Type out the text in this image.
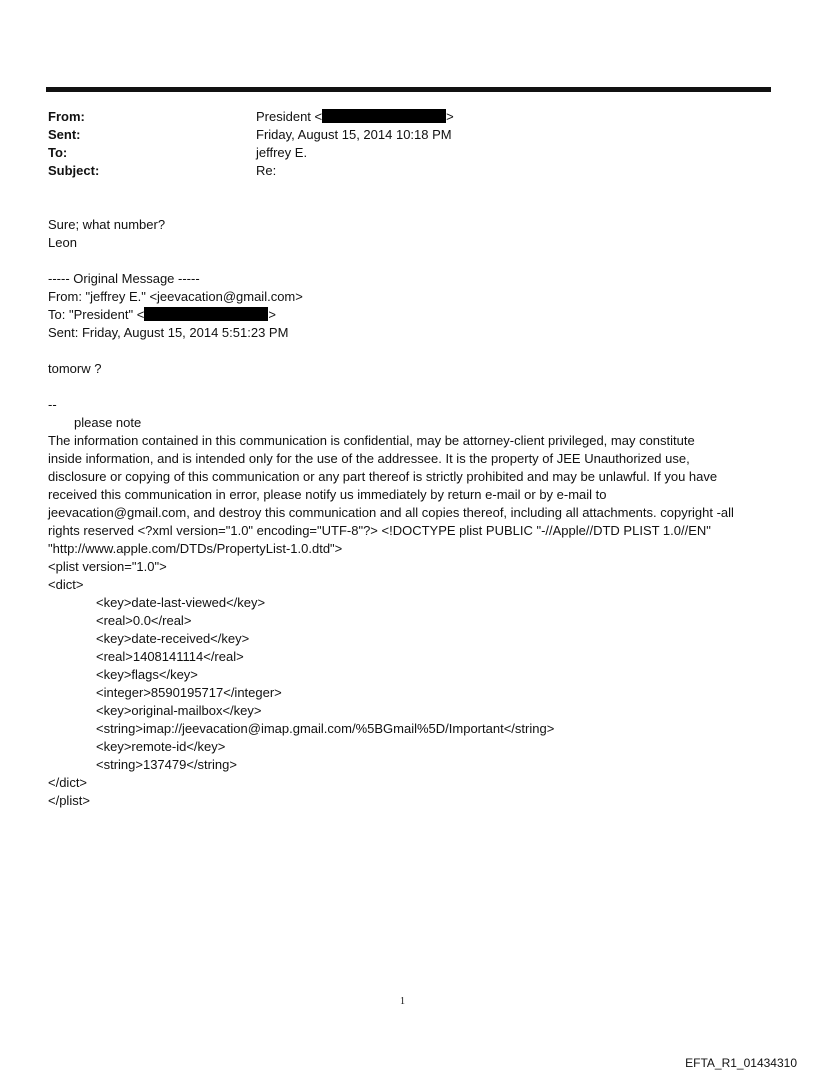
From:	President <	>
Sent:	Friday, August 15, 2014 10:18 PM
To:	jeffrey E.
Subject:	Re:
Sure; what number?
Leon
----- Original Message -----
From: "jeffrey E." <jeevacation@gmail.com>
To: "President" <	>
Sent: Friday, August 15, 2014 5:51:23 PM
tomorw ?
--
please note
The information contained in this communication is confidential, may be attorney-client privileged, may constitute
inside information, and is intended only for the use of the addressee. It is the property of JEE Unauthorized use,
disclosure or copying of this communication or any part thereof is strictly prohibited and may be unlawful. If you have
received this communication in error, please notify us immediately by return e-mail or by e-mail to
jeevacation@gmail.com, and destroy this communication and all copies thereof, including all attachments. copyright -all
rights reserved <?xml version="1.0" encoding="UTF-8"?> <!DOCTYPE plist PUBLIC "-//Apple//DTD PLIST 1.0//EN"
"http://www.apple.com/DTDs/PropertyList-1.0.dtd">
<plist version="1.0">
<dict>
<key>date-last-viewed</key>
<real>0.0</real>
<key>date-received</key>
<real>1408141114</real>
<key>flags</key>
<integer>8590195717</integer>
<key>original-mailbox</key>
<string>imap://jeevacation@imap.gmail.com/%5BGmail%5D/Important</string>
<key>remote-id</key>
<string>137479</string>
</dict>
</plist>
1
EFTA_R1_01434310
